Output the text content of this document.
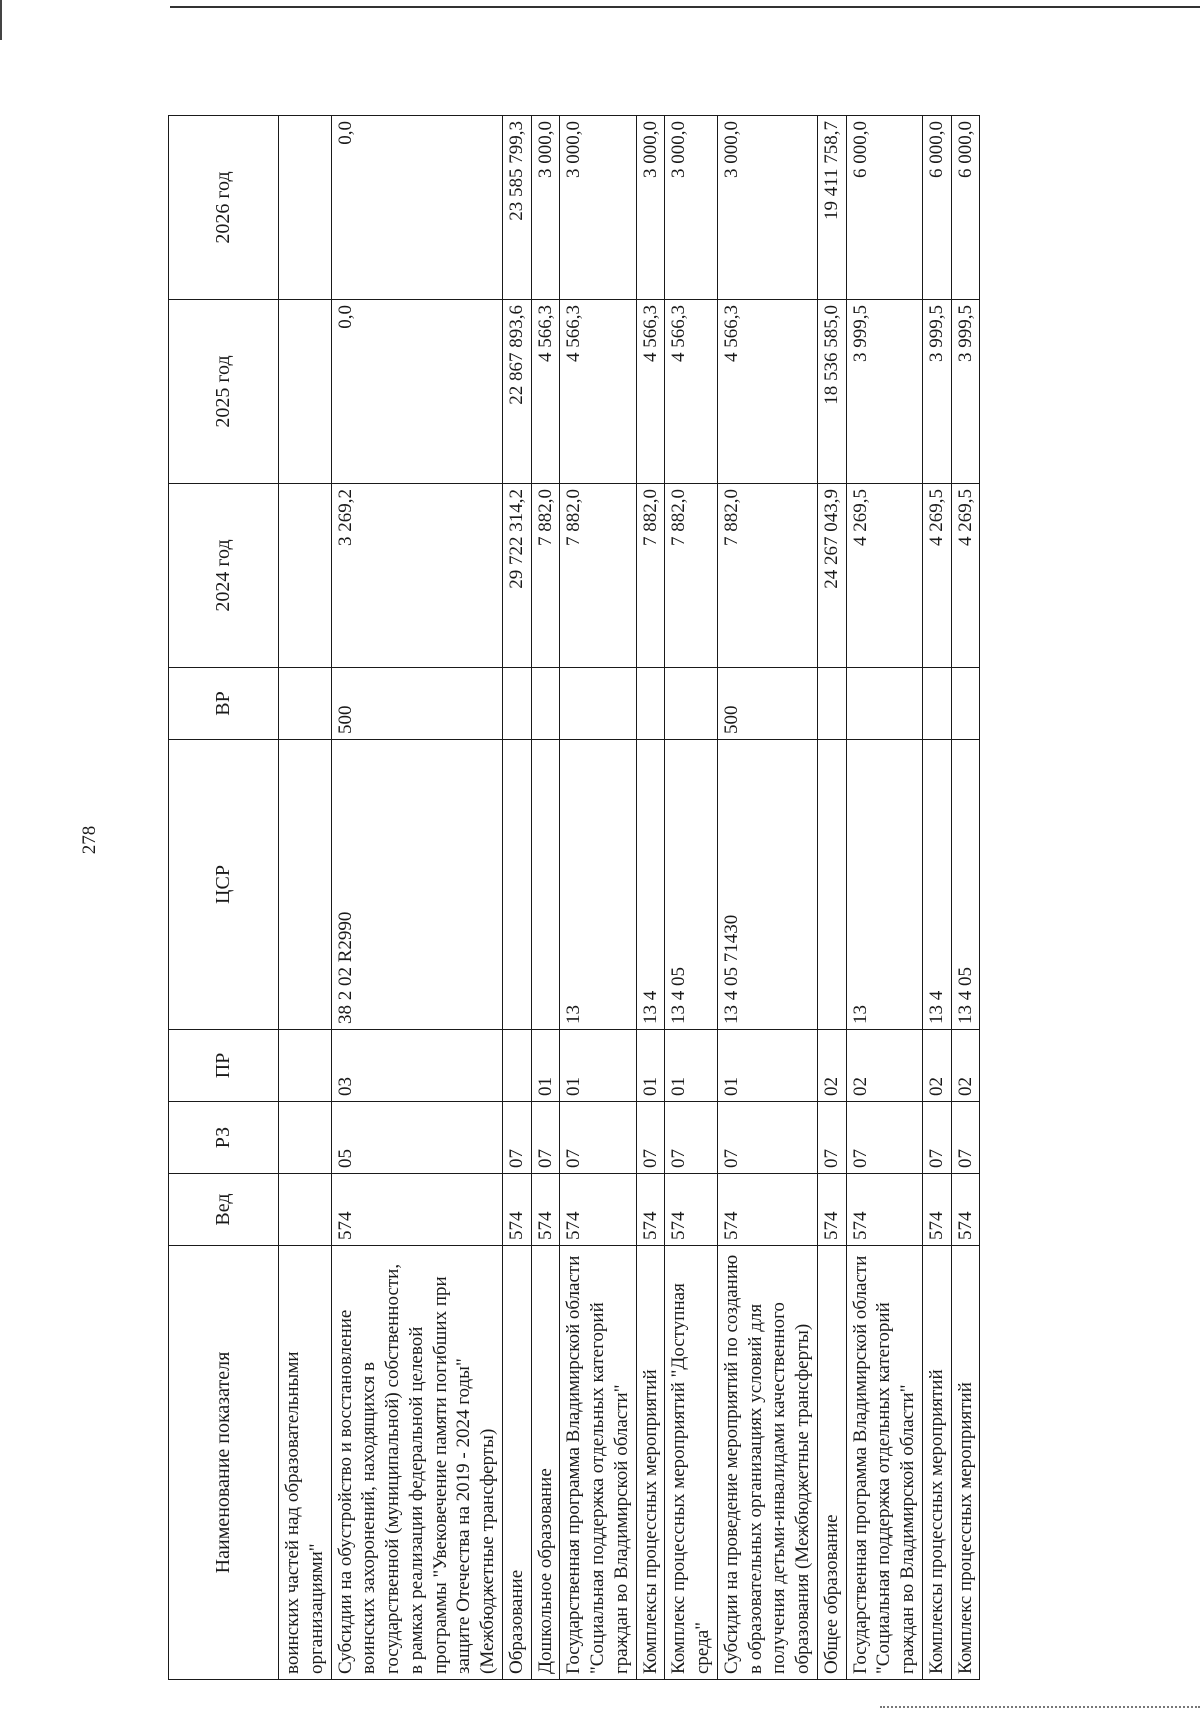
278
Наименование показателя	Вед	РЗ	ПР	ЦСР	ВР	2024 год	2025 год	2026 год
воинских частей над образовательными организациями"								
Субсидии на обустройство и восстановление воинских захоронений, находящихся в государственной (муниципальной) собственности, в рамках реализации федеральной целевой программы "Увековечение памяти погибших при защите Отечества на 2019 - 2024 годы" (Межбюджетные трансферты)	574	05	03	38 2 02 R2990	500	3 269,2	0,0	0,0
Образование	574	07				29 722 314,2	22 867 893,6	23 585 799,3
Дошкольное образование	574	07	01			7 882,0	4 566,3	3 000,0
Государственная программа Владимирской области "Социальная поддержка отдельных категорий граждан во Владимирской области"	574	07	01	13		7 882,0	4 566,3	3 000,0
Комплексы процессных мероприятий	574	07	01	13 4		7 882,0	4 566,3	3 000,0
Комплекс процессных мероприятий "Доступная среда"	574	07	01	13 4 05		7 882,0	4 566,3	3 000,0
Субсидии на проведение мероприятий по созданию в образовательных организациях условий для получения детьми-инвалидами качественного образования (Межбюджетные трансферты)	574	07	01	13 4 05 71430	500	7 882,0	4 566,3	3 000,0
Общее образование	574	07	02			24 267 043,9	18 536 585,0	19 411 758,7
Государственная программа Владимирской области "Социальная поддержка отдельных категорий граждан во Владимирской области"	574	07	02	13		4 269,5	3 999,5	6 000,0
Комплексы процессных мероприятий	574	07	02	13 4		4 269,5	3 999,5	6 000,0
Комплекс процессных мероприятий	574	07	02	13 4 05		4 269,5	3 999,5	6 000,0
